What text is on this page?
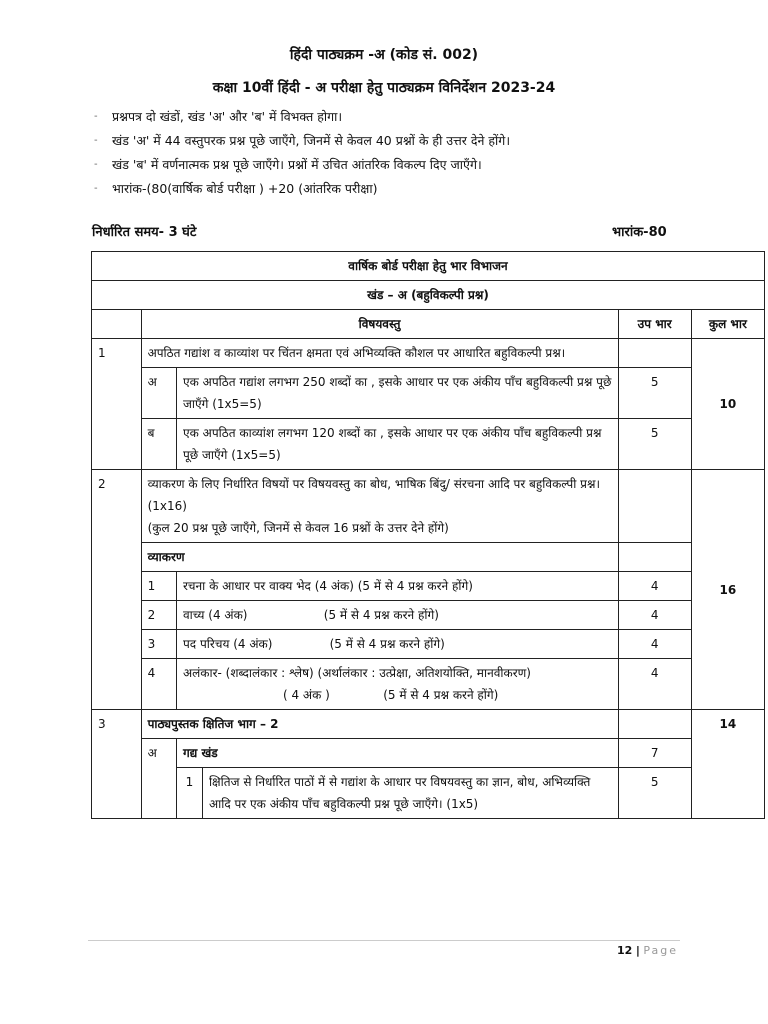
हिंदी पाठ्यक्रम -अ (कोड सं. 002)
कक्षा 10वीं हिंदी - अ परीक्षा हेतु पाठ्यक्रम विनिर्देशन 2023-24
- प्रश्नपत्र दो खंडों, खंड 'अ' और 'ब' में विभक्त होगा।
- खंड 'अ' में 44 वस्तुपरक प्रश्न पूछे जाएँगे, जिनमें से केवल 40 प्रश्नों के ही उत्तर देने होंगे।
- खंड 'ब' में वर्णनात्मक प्रश्न पूछे जाएँगे। प्रश्नों में उचित आंतरिक विकल्प दिए जाएँगे।
- भारांक-(80(वार्षिक बोर्ड परीक्षा ) +20 (आंतरिक परीक्षा)
निर्धारित समय- 3 घंटे	भारांक-80
वार्षिक बोर्ड परीक्षा हेतु भार विभाजन					
खंड – अ (बहुविकल्पी प्रश्न)					
	विषयवस्तु			उप भार	कुल भार
1	अपठित गद्यांश व काव्यांश पर चिंतन क्षमता एवं अभिव्यक्ति कौशल पर आधारित बहुविकल्पी प्रश्न।				10
	अ	एक अपठित गद्यांश लगभग 250 शब्दों का , इसके आधार पर एक अंकीय पाँच बहुविकल्पी प्रश्न पूछे जाएँगे (1x5=5)		5	
	ब	एक अपठित काव्यांश लगभग 120 शब्दों का , इसके आधार पर एक अंकीय पाँच बहुविकल्पी प्रश्न पूछे जाएँगे (1x5=5)		5	
2	व्याकरण के लिए निर्धारित विषयों पर विषयवस्तु का बोध, भाषिक बिंदु/ संरचना आदि पर बहुविकल्पी प्रश्न। (1x16)
(कुल 20 प्रश्न पूछे जाएँगे, जिनमें से केवल 16 प्रश्नों के उत्तर देने होंगे)				16
	व्याकरण				
	1	रचना के आधार पर वाक्य भेद (4 अंक) (5 में से 4 प्रश्न करने होंगे)		4	
	2	वाच्य (4 अंक)                    (5 में से 4 प्रश्न करने होंगे)		4	
	3	पद परिचय (4 अंक)               (5 में से 4 प्रश्न करने होंगे)		4	
	4	अलंकार- (शब्दालंकार : श्लेष) (अर्थालंकार : उत्प्रेक्षा, अतिशयोक्ति, मानवीकरण)
( 4 अंक )              (5 में से 4 प्रश्न करने होंगे)		4	
3	पाठ्यपुस्तक क्षितिज भाग – 2				14
	अ	गद्य खंड		7	
		1	क्षितिज से निर्धारित पाठों में से गद्यांश के आधार पर विषयवस्तु का ज्ञान, बोध, अभिव्यक्ति आदि पर एक अंकीय पाँच बहुविकल्पी प्रश्न पूछे जाएँगे। (1x5)	5	
12 | Page
